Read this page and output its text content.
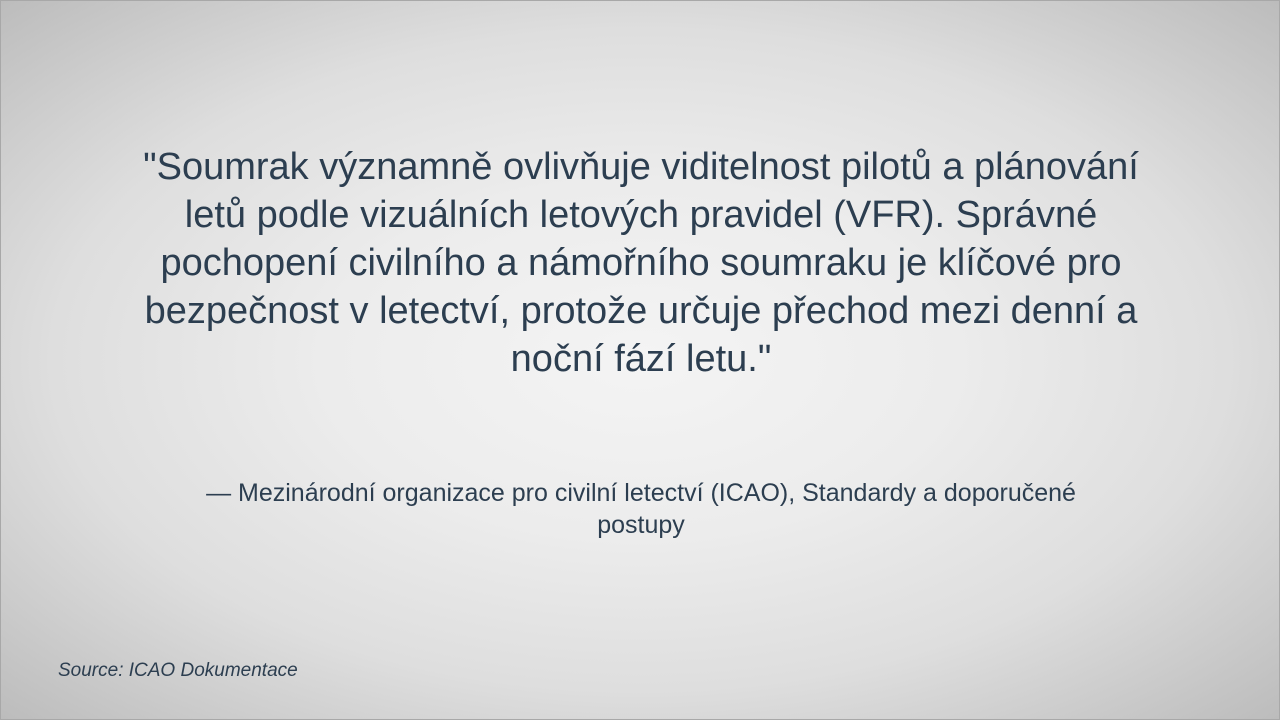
"Soumrak významně ovlivňuje viditelnost pilotů a plánování letů podle vizuálních letových pravidel (VFR). Správné pochopení civilního a námořního soumraku je klíčové pro bezpečnost v letectví, protože určuje přechod mezi denní a noční fází letu."

— Mezinárodní organizace pro civilní letectví (ICAO), Standardy a doporučené postupy

Source: ICAO Dokumentace
